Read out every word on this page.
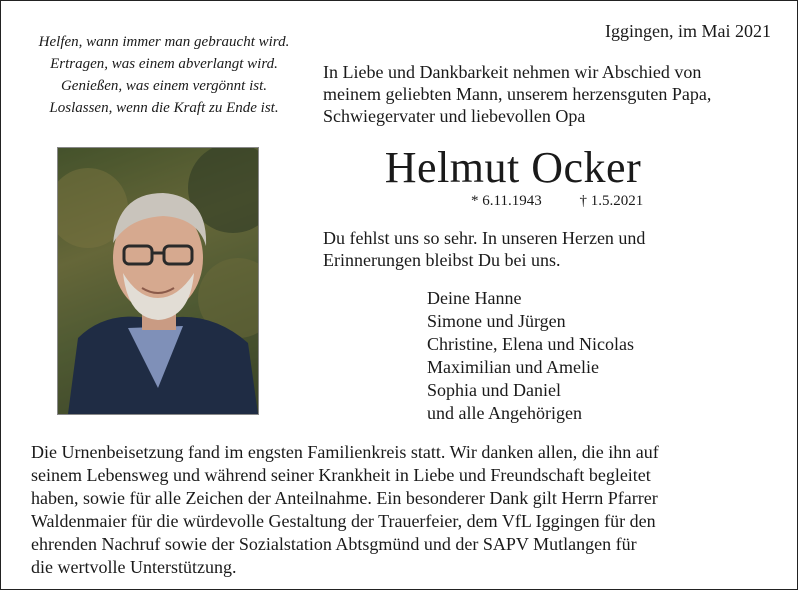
Helfen, wann immer man gebraucht wird.
Ertragen, was einem abverlangt wird.
Genießen, was einem vergönnt ist.
Loslassen, wenn die Kraft zu Ende ist.
Iggingen, im Mai 2021
In Liebe und Dankbarkeit nehmen wir Abschied von
meinem geliebten Mann, unserem herzensguten Papa,
Schwiegervater und liebevollen Opa
Helmut Ocker
* 6.11.1943	† 1.5.2021
Du fehlst uns so sehr. In unseren Herzen und
Erinnerungen bleibst Du bei uns.
Deine Hanne
Simone und Jürgen
Christine, Elena und Nicolas
Maximilian und Amelie
Sophia und Daniel
und alle Angehörigen
Die Urnenbeisetzung fand im engsten Familienkreis statt. Wir danken allen, die ihn auf
seinem Lebensweg und während seiner Krankheit in Liebe und Freundschaft begleitet
haben, sowie für alle Zeichen der Anteilnahme. Ein besonderer Dank gilt Herrn Pfarrer
Waldenmaier für die würdevolle Gestaltung der Trauerfeier, dem VfL Iggingen für den
ehrenden Nachruf sowie der Sozialstation Abtsgmünd und der SAPV Mutlangen für
die wertvolle Unterstützung.
